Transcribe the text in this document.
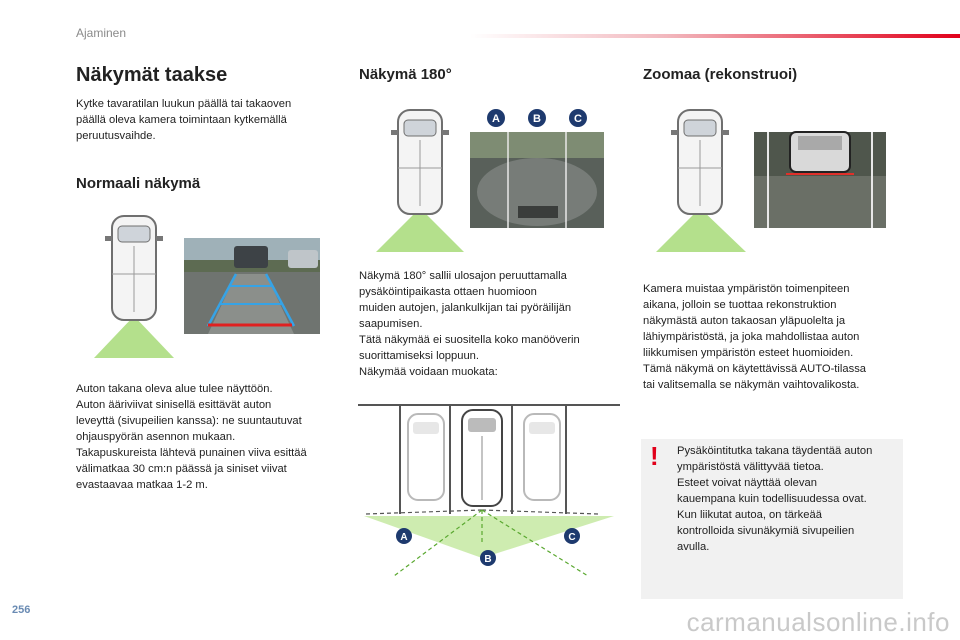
Ajaminen
Näkymät taakse

Kytke tavaratilan luukun päällä tai takaoven
päällä oleva kamera toimintaan kytkemällä
peruutusvaihde.

Normaali näkymä

Auton takana oleva alue tulee näyttöön.
Auton ääriviivat sinisellä esittävät auton
leveyttä (sivupeilien kanssa): ne suuntautuvat
ohjauspyörän asennon mukaan.
Takapuskureista lähtevä punainen viiva esittää
välimatkaa 30 cm:n päässä ja siniset viivat
evastaavaa matkaa 1-2 m.

Näkymä 180°
A	B	C

Näkymä 180° sallii ulosajon peruuttamalla
pysäköintipaikasta ottaen huomioon
muiden autojen, jalankulkijan tai pyöräilijän
saapumisen.
Tätä näkymää ei suositella koko manööverin
suorittamiseksi loppuun.
Näkymää voidaan muokata:

A
B
C
Zoomaa (rekonstruoi)

Kamera muistaa ympäristön toimenpiteen
aikana, jolloin se tuottaa rekonstruktion
näkymästä auton takaosan yläpuolelta ja
lähiympäristöstä, ja joka mahdollistaa auton
liikkumisen ympäristön esteet huomioiden.
Tämä näkymä on käytettävissä AUTO-tilassa
tai valitsemalla se näkymän vaihtovalikosta.

! Pysäköintitutka takana täydentää auton
ympäristöstä välittyvää tietoa.
Esteet voivat näyttää olevan
kauempana kuin todellisuudessa ovat.
Kun liikutat autoa, on tärkeää
kontrolloida sivunäkymiä sivupeilien
avulla.

256	carmanualsonline.info
